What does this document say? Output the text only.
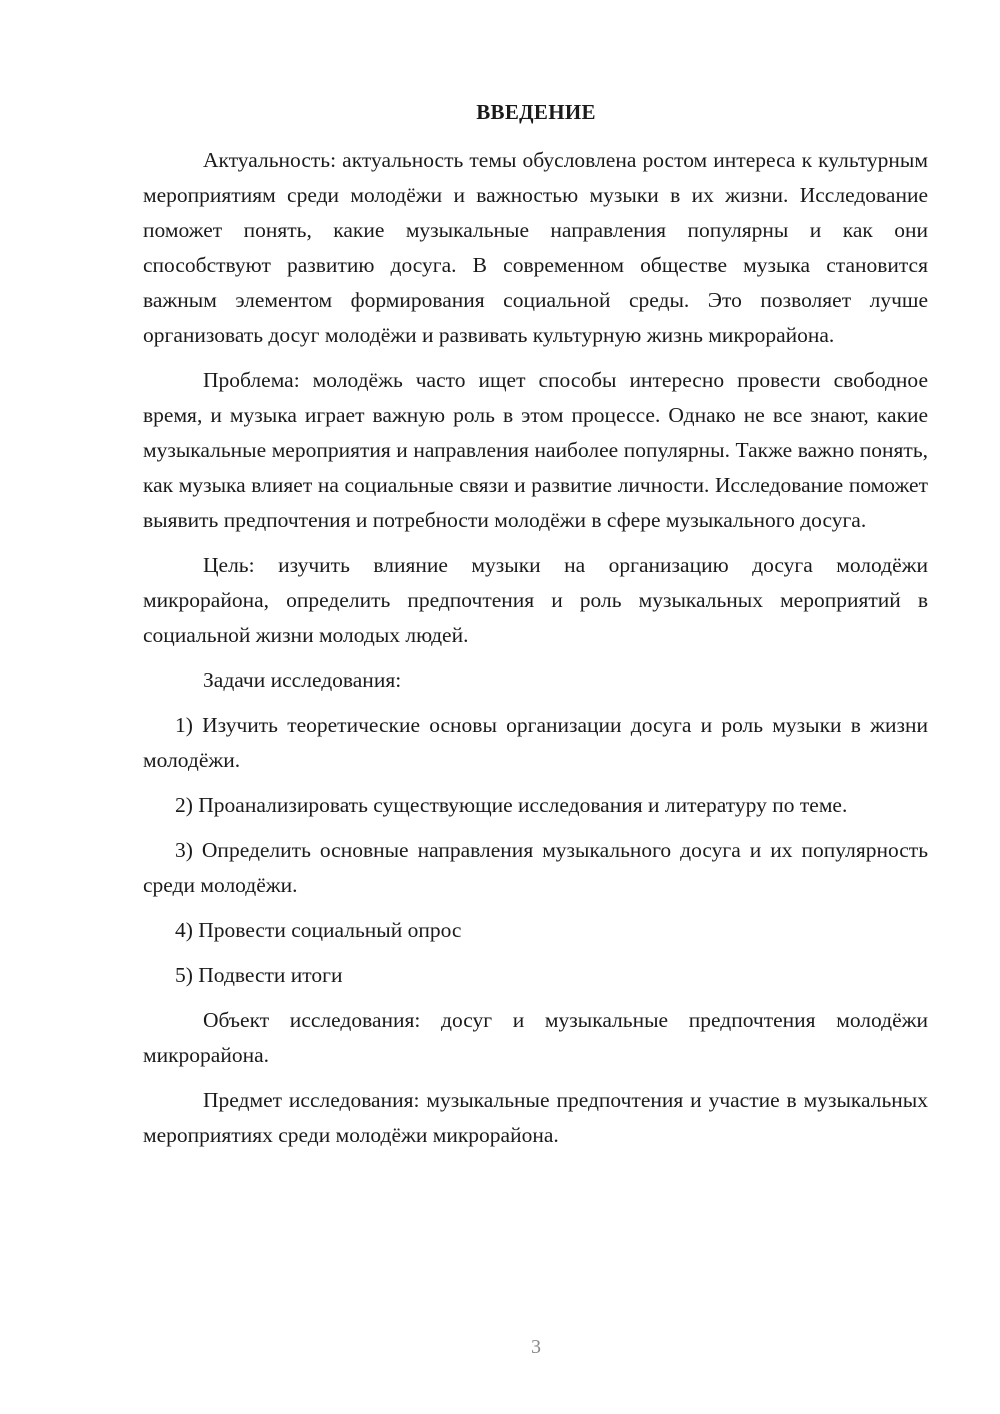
ВВЕДЕНИЕ

Актуальность: актуальность темы обусловлена ростом интереса к культурным мероприятиям среди молодёжи и важностью музыки в их жизни. Исследование поможет понять, какие музыкальные направления популярны и как они способствуют развитию досуга. В современном обществе музыка становится важным элементом формирования социальной среды. Это позволяет лучше организовать досуг молодёжи и развивать культурную жизнь микрорайона.

Проблема: молодёжь часто ищет способы интересно провести свободное время, и музыка играет важную роль в этом процессе. Однако не все знают, какие музыкальные мероприятия и направления наиболее популярны. Также важно понять, как музыка влияет на социальные связи и развитие личности. Исследование поможет выявить предпочтения и потребности молодёжи в сфере музыкального досуга.

Цель: изучить влияние музыки на организацию досуга молодёжи микрорайона, определить предпочтения и роль музыкальных мероприятий в социальной жизни молодых людей.

Задачи исследования:

1) Изучить теоретические основы организации досуга и роль музыки в жизни молодёжи.

2) Проанализировать существующие исследования и литературу по теме.

3) Определить основные направления музыкального досуга и их популярность среди молодёжи.

4) Провести социальный опрос

5) Подвести итоги

Объект исследования: досуг и музыкальные предпочтения молодёжи микрорайона.

Предмет исследования: музыкальные предпочтения и участие в музыкальных мероприятиях среди молодёжи микрорайона.

3
